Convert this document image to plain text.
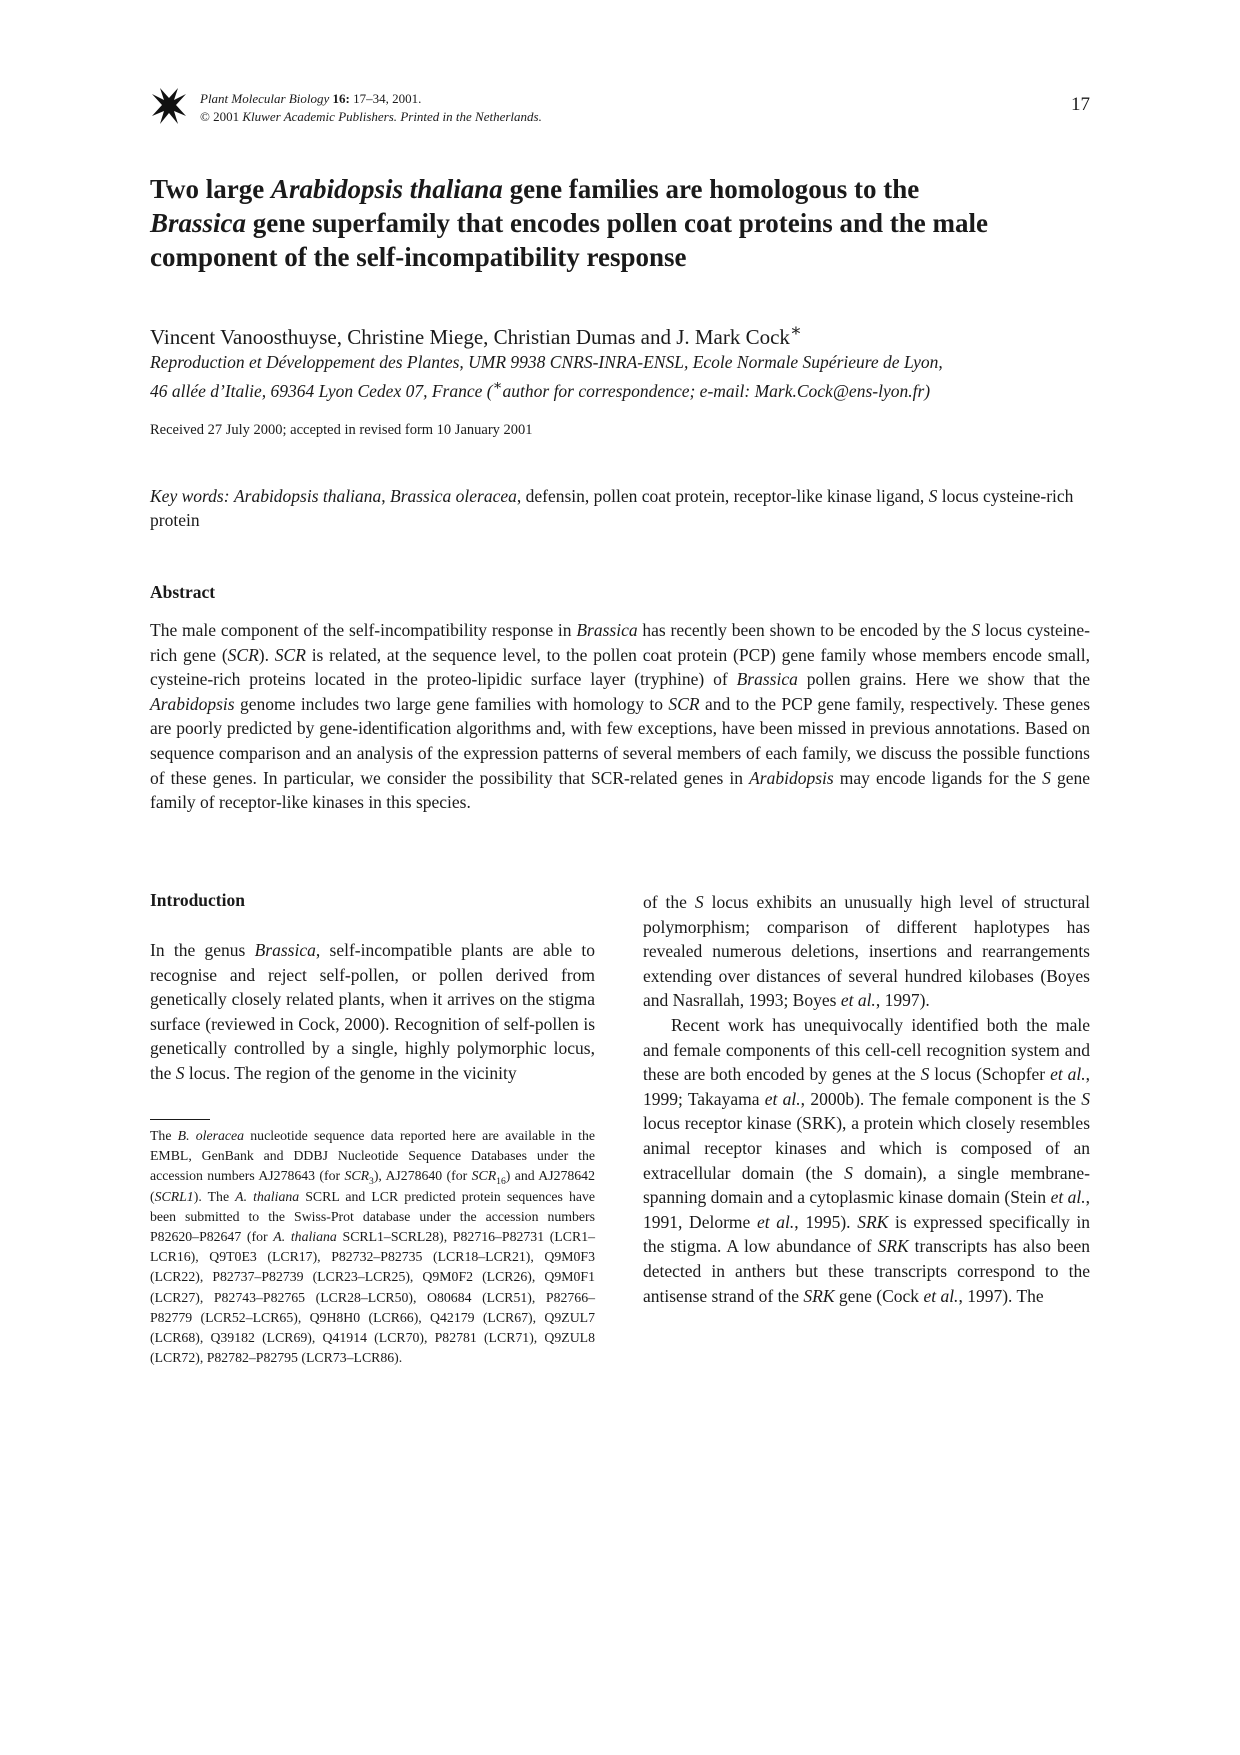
Plant Molecular Biology 16: 17–34, 2001.
© 2001 Kluwer Academic Publishers. Printed in the Netherlands.
17
Two large Arabidopsis thaliana gene families are homologous to the
Brassica gene superfamily that encodes pollen coat proteins and the male component of the self-incompatibility response
Vincent Vanoosthuyse, Christine Miege, Christian Dumas and J. Mark Cock∗
Reproduction et Développement des Plantes, UMR 9938 CNRS-INRA-ENSL, Ecole Normale Supérieure de Lyon,
46 allée d’Italie, 69364 Lyon Cedex 07, France (∗author for correspondence; e-mail: Mark.Cock@ens-lyon.fr)
Received 27 July 2000; accepted in revised form 10 January 2001
Key words: Arabidopsis thaliana, Brassica oleracea, defensin, pollen coat protein, receptor-like kinase ligand, S locus cysteine-rich protein
Abstract
The male component of the self-incompatibility response in Brassica has recently been shown to be encoded by the S locus cysteine-rich gene (SCR). SCR is related, at the sequence level, to the pollen coat protein (PCP) gene family whose members encode small, cysteine-rich proteins located in the proteo-lipidic surface layer (tryphine) of Brassica pollen grains. Here we show that the Arabidopsis genome includes two large gene families with homology to SCR and to the PCP gene family, respectively. These genes are poorly predicted by gene-identification algorithms and, with few exceptions, have been missed in previous annotations. Based on sequence comparison and an analysis of the expression patterns of several members of each family, we discuss the possible functions of these genes. In particular, we consider the possibility that SCR-related genes in Arabidopsis may encode ligands for the S gene family of receptor-like kinases in this species.
Introduction
In the genus Brassica, self-incompatible plants are able to recognise and reject self-pollen, or pollen derived from genetically closely related plants, when it arrives on the stigma surface (reviewed in Cock, 2000). Recognition of self-pollen is genetically controlled by a single, highly polymorphic locus, the S locus. The region of the genome in the vicinity
The B. oleracea nucleotide sequence data reported here are available in the EMBL, GenBank and DDBJ Nucleotide Sequence Databases under the accession numbers AJ278643 (for $SCR_3$), AJ278640 (for $SCR_{16}$) and AJ278642 (SCRL1). The A. thaliana SCRL and LCR predicted protein sequences have been submitted to the Swiss-Prot database under the accession numbers P82620–P82647 (for A. thaliana SCRL1–SCRL28), P82716–P82731 (LCR1–LCR16), Q9T0E3 (LCR17), P82732–P82735 (LCR18–LCR21), Q9M0F3 (LCR22), P82737–P82739 (LCR23–LCR25), Q9M0F2 (LCR26), Q9M0F1 (LCR27), P82743–P82765 (LCR28–LCR50), O80684 (LCR51), P82766–P82779 (LCR52–LCR65), Q9H8H0 (LCR66), Q42179 (LCR67), Q9ZUL7 (LCR68), Q39182 (LCR69), Q41914 (LCR70), P82781 (LCR71), Q9ZUL8 (LCR72), P82782–P82795 (LCR73–LCR86).

of the S locus exhibits an unusually high level of structural polymorphism; comparison of different haplotypes has revealed numerous deletions, insertions and rearrangements extending over distances of several hundred kilobases (Boyes and Nasrallah, 1993; Boyes et al., 1997).

Recent work has unequivocally identified both the male and female components of this cell-cell recognition system and these are both encoded by genes at the S locus (Schopfer et al., 1999; Takayama et al., 2000b). The female component is the S locus receptor kinase (SRK), a protein which closely resembles animal receptor kinases and which is composed of an extracellular domain (the S domain), a single membrane-spanning domain and a cytoplasmic kinase domain (Stein et al., 1991, Delorme et al., 1995). SRK is expressed specifically in the stigma. A low abundance of SRK transcripts has also been detected in anthers but these transcripts correspond to the antisense strand of the SRK gene (Cock et al., 1997). The
